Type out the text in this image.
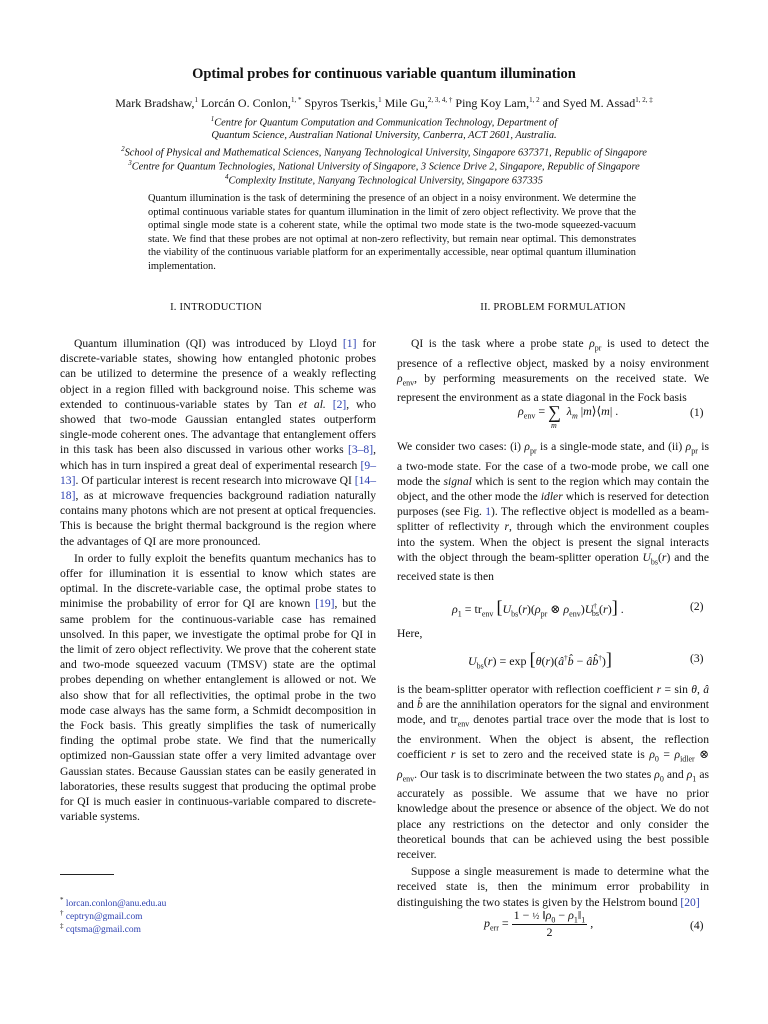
Optimal probes for continuous variable quantum illumination
Mark Bradshaw,$^1$ Lorcán O. Conlon,$^{1, *}$ Spyros Tserkis,$^1$ Mile Gu,$^{2, 3, 4, \dagger}$ Ping Koy Lam,$^{1, 2}$ and Syed M. Assad$^{1, 2, \ddagger}$
$^1$Centre for Quantum Computation and Communication Technology, Department of
Quantum Science, Australian National University, Canberra, ACT 2601, Australia.
$^2$School of Physical and Mathematical Sciences, Nanyang Technological University, Singapore 637371, Republic of Singapore
$^3$Centre for Quantum Technologies, National University of Singapore, 3 Science Drive 2, Singapore, Republic of Singapore
$^4$Complexity Institute, Nanyang Technological University, Singapore 637335
Quantum illumination is the task of determining the presence of an object in a noisy environment. We determine the optimal continuous variable states for quantum illumination in the limit of zero object reflectivity. We prove that the optimal single mode state is a coherent state, while the optimal two mode state is the two-mode squeezed-vacuum state. We find that these probes are not optimal at non-zero reflectivity, but remain near optimal. This demonstrates the viability of the continuous variable platform for an experimentally accessible, near optimal quantum illumination implementation.
I. INTRODUCTION	II. PROBLEM FORMULATION

Quantum illumination (QI) was introduced by Lloyd [1] for discrete-variable states, showing how entangled photonic probes can be utilized to determine the presence of a weakly reflecting object in a region filled with background noise. This scheme was extended to continuous-variable states by Tan et al. [2], who showed that two-mode Gaussian entangled states outperform single-mode coherent ones. The advantage that entanglement offers in this task has been also discussed in various other works [3–8], which has in turn inspired a great deal of experimental research [9–13]. Of particular interest is recent research into microwave QI [14–18], as at microwave frequencies background radiation naturally contains many photons which are not present at optical frequencies. This is because the bright thermal background is the region where the advantages of QI are more pronounced.

In order to fully exploit the benefits quantum mechanics has to offer for illumination it is essential to know which states are optimal. In the discrete-variable case, the optimal probe states to minimise the probability of error for QI are known [19], but the same problem for the continuous-variable case has remained unsolved. In this paper, we investigate the optimal probe for QI in the limit of zero object reflectivity. We prove that the coherent state and two-mode squeezed vacuum (TMSV) state are the optimal probes depending on whether entanglement is allowed or not. We also show that for all reflectivities, the optimal probe in the two mode case always has the same form, a Schmidt decomposition in the Fock basis. This greatly simplifies the task of numerically finding the optimal probe state. We find that the numerically optimized non-Gaussian state offer a very limited advantage over Gaussian states. Because Gaussian states can be easily generated in laboratories, these results suggest that producing the optimal probe for QI is much easier in continuous-variable compared to discrete-variable systems.

* lorcan.conlon@anu.edu.au
† ceptryn@gmail.com
‡ cqtsma@gmail.com

QI is the task where a probe state $\rho_{pr}$ is used to detect the presence of a reflective object, masked by a noisy environment $\rho_{env}$, by performing measurements on the received state. We represent the environment as a state diagonal in the Fock basis

$\rho_{env} = \sum_m\lambda_m$ |m⟩⟨m| .	(1)

We consider two cases: (i) $\rho_{pr}$ is a single-mode state, and (ii) $\rho_{pr}$ is a two-mode state. For the case of a two-mode probe, we call one mode the signal which is sent to the region which may contain the object, and the other mode the idler which is reserved for detection purposes (see Fig. 1). The reflective object is modelled as a beam-splitter of reflectivity r, through which the environment couples into the system. When the object is present the signal interacts with the object through the beam-splitter operation $U_{bs}(r)$ and the received state is then

$\rho_1 = tr_{env}$ [$U_{bs}(r)(\rho_{pr}$ ⊗ $\rho_{env})U^\dagger_{bs}(r)$] .	(2)
Here,
$U_{bs}(r) = \exp$ [θ(r)(â†b̂ − âb̂†)]	(3)

is the beam-splitter operator with reflection coefficient r = sin θ, â and b̂ are the annihilation operators for the signal and environment mode, and $tr_{env}$ denotes partial trace over the mode that is lost to the environment. When the object is absent, the reflection coefficient r is set to zero and the received state is $\rho_0 = \rho_{idler}$ ⊗ $\rho_{env}$. Our task is to discriminate between the two states $\rho_0$ and $\rho_1$ as accurately as possible. We assume that we have no prior knowledge about the presence or absence of the object. We do not place any restrictions on the detector and only consider the theoretical bounds that can be achieved using the best possible receiver.

Suppose a single measurement is made to determine what the received state is, then the minimum error probability in distinguishing the two states is given by the Helstrom bound [20]

$p_{err} = \frac{1 - \frac{1}{2} ‖\rho_0 - \rho_1‖_1}{2}$ ,	(4)
